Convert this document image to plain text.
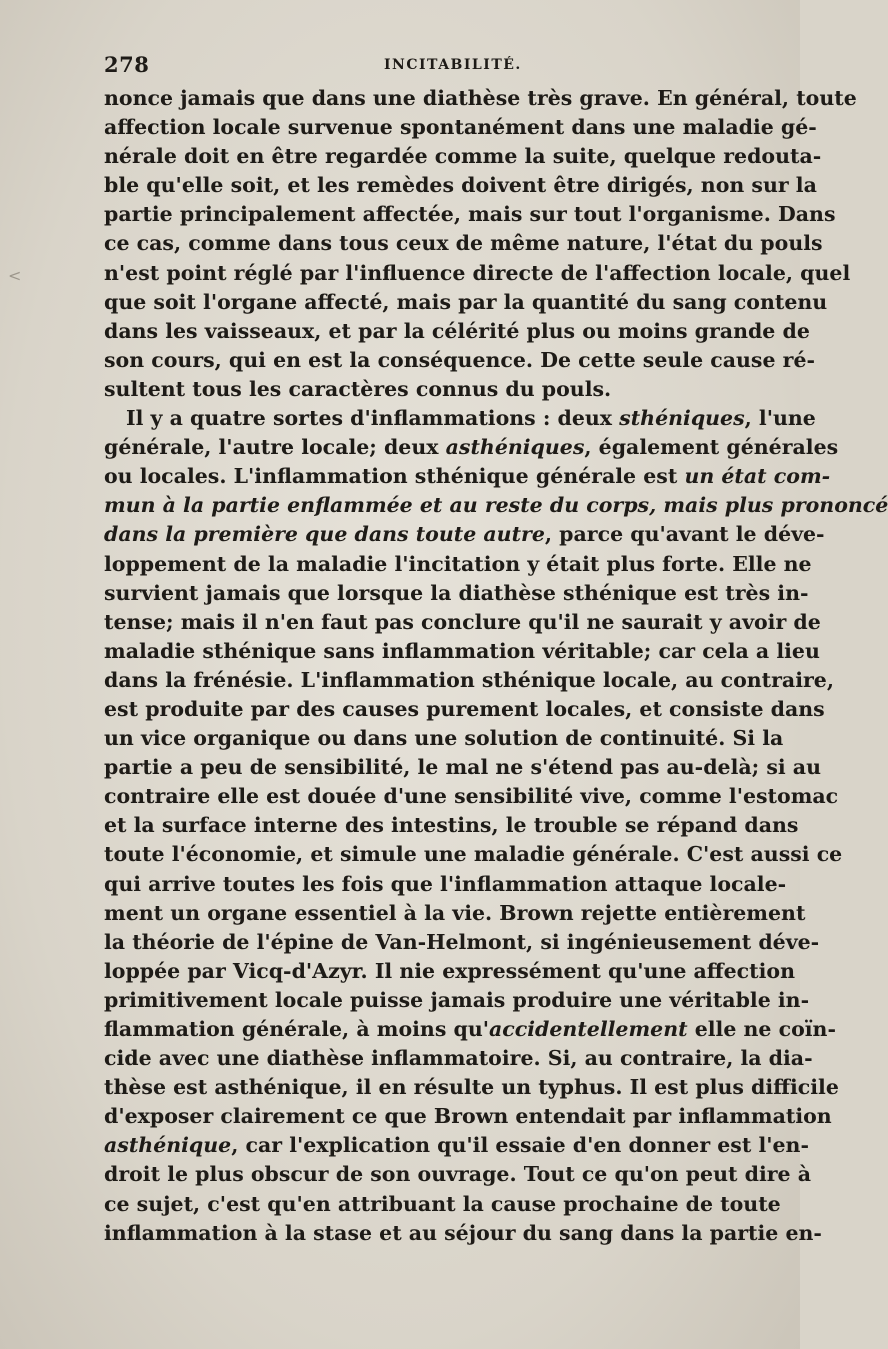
278	INCITABILITÉ.
<
nonce jamais que dans une diathèse très grave. En général, toute
affection locale survenue spontanément dans une maladie gé-
nérale doit en être regardée comme la suite, quelque redouta-
ble qu'elle soit, et les remèdes doivent être dirigés, non sur la
partie principalement affectée, mais sur tout l'organisme. Dans
ce cas, comme dans tous ceux de même nature, l'état du pouls
n'est point réglé par l'influence directe de l'affection locale, quel
que soit l'organe affecté, mais par la quantité du sang contenu
dans les vaisseaux, et par la célérité plus ou moins grande de
son cours, qui en est la conséquence. De cette seule cause ré-
sultent tous les caractères connus du pouls.
Il y a quatre sortes d'inflammations : deux sthéniques, l'une
générale, l'autre locale; deux asthéniques, également générales
ou locales. L'inflammation sthénique générale est un état com-
mun à la partie enflammée et au reste du corps, mais plus prononcé
dans la première que dans toute autre, parce qu'avant le déve-
loppement de la maladie l'incitation y était plus forte. Elle ne
survient jamais que lorsque la diathèse sthénique est très in-
tense; mais il n'en faut pas conclure qu'il ne saurait y avoir de
maladie sthénique sans inflammation véritable; car cela a lieu
dans la frénésie. L'inflammation sthénique locale, au contraire,
est produite par des causes purement locales, et consiste dans
un vice organique ou dans une solution de continuité. Si la
partie a peu de sensibilité, le mal ne s'étend pas au-delà; si au
contraire elle est douée d'une sensibilité vive, comme l'estomac
et la surface interne des intestins, le trouble se répand dans
toute l'économie, et simule une maladie générale. C'est aussi ce
qui arrive toutes les fois que l'inflammation attaque locale-
ment un organe essentiel à la vie. Brown rejette entièrement
la théorie de l'épine de Van-Helmont, si ingénieusement déve-
loppée par Vicq-d'Azyr. Il nie expressément qu'une affection
primitivement locale puisse jamais produire une véritable in-
flammation générale, à moins qu'accidentellement elle ne coïn-
cide avec une diathèse inflammatoire. Si, au contraire, la dia-
thèse est asthénique, il en résulte un typhus. Il est plus difficile
d'exposer clairement ce que Brown entendait par inflammation
asthénique, car l'explication qu'il essaie d'en donner est l'en-
droit le plus obscur de son ouvrage. Tout ce qu'on peut dire à
ce sujet, c'est qu'en attribuant la cause prochaine de toute
inflammation à la stase et au séjour du sang dans la partie en-
